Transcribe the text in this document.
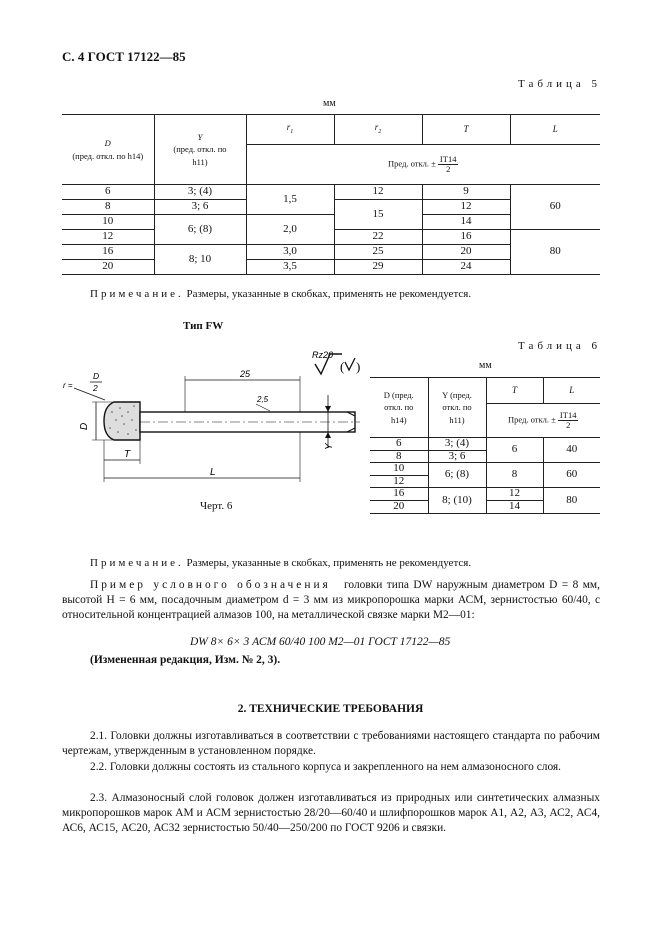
С. 4 ГОСТ 17122—85
Таблица 5
мм
D
(пред. откл. по h14)	Y
(пред. откл. по
h11)	$r_1$	$r_2$	T	L
		Пред. откл. ± $\frac{IT14}{2}$
6	3; (4)	1,5	12	9	60
8	3; 6		15	12	
10	6; (8)	2,0		14	
12			22	16	80
16	8; 10	3,0	25	20	
20		3,5	29	24	
Примечание. Размеры, указанные в скобках, применять не рекомендуется.
Тип FW
Rz20
( )
r =
D
2
25
2,5
D
T
L
Y
Черт. 6
Таблица 6
мм
D (пред.
откл. по
h14)	Y (пред.
откл. по
h11)	T	L
		Пред. откл. ± $\frac{IT14}{2}$
6	3; (4)	6	40
8	3; 6		
10	6; (8)	8	60
12			
16	8; (10)	12	80
20		14	
Примечание. Размеры, указанные в скобках, применять не рекомендуется.
Пример условного обозначения головки типа DW наружным диаметром D = 8 мм, высотой H = 6 мм, посадочным диаметром d = 3 мм из микропорошка марки АСМ, зернистостью 60/40, с относительной концентрацией алмазов 100, на металлической связке марки М2—01:
DW 8× 6× 3 АСМ 60/40 100 М2—01 ГОСТ 17122—85
(Измененная редакция, Изм. № 2, 3).
2. ТЕХНИЧЕСКИЕ ТРЕБОВАНИЯ
2.1. Головки должны изготавливаться в соответствии с требованиями настоящего стандарта по рабочим чертежам, утвержденным в установленном порядке.
2.2. Головки должны состоять из стального корпуса и закрепленного на нем алмазоносного слоя.
2.3. Алмазоносный слой головок должен изготавливаться из природных или синтетических алмазных микропорошков марок АМ и АСМ зернистостью 28/20—60/40 и шлифпорошков марок А1, А2, А3, АС2, АС4, АС6, АС15, АС20, АС32 зернистостью 50/40—250/200 по ГОСТ 9206 и связки.
